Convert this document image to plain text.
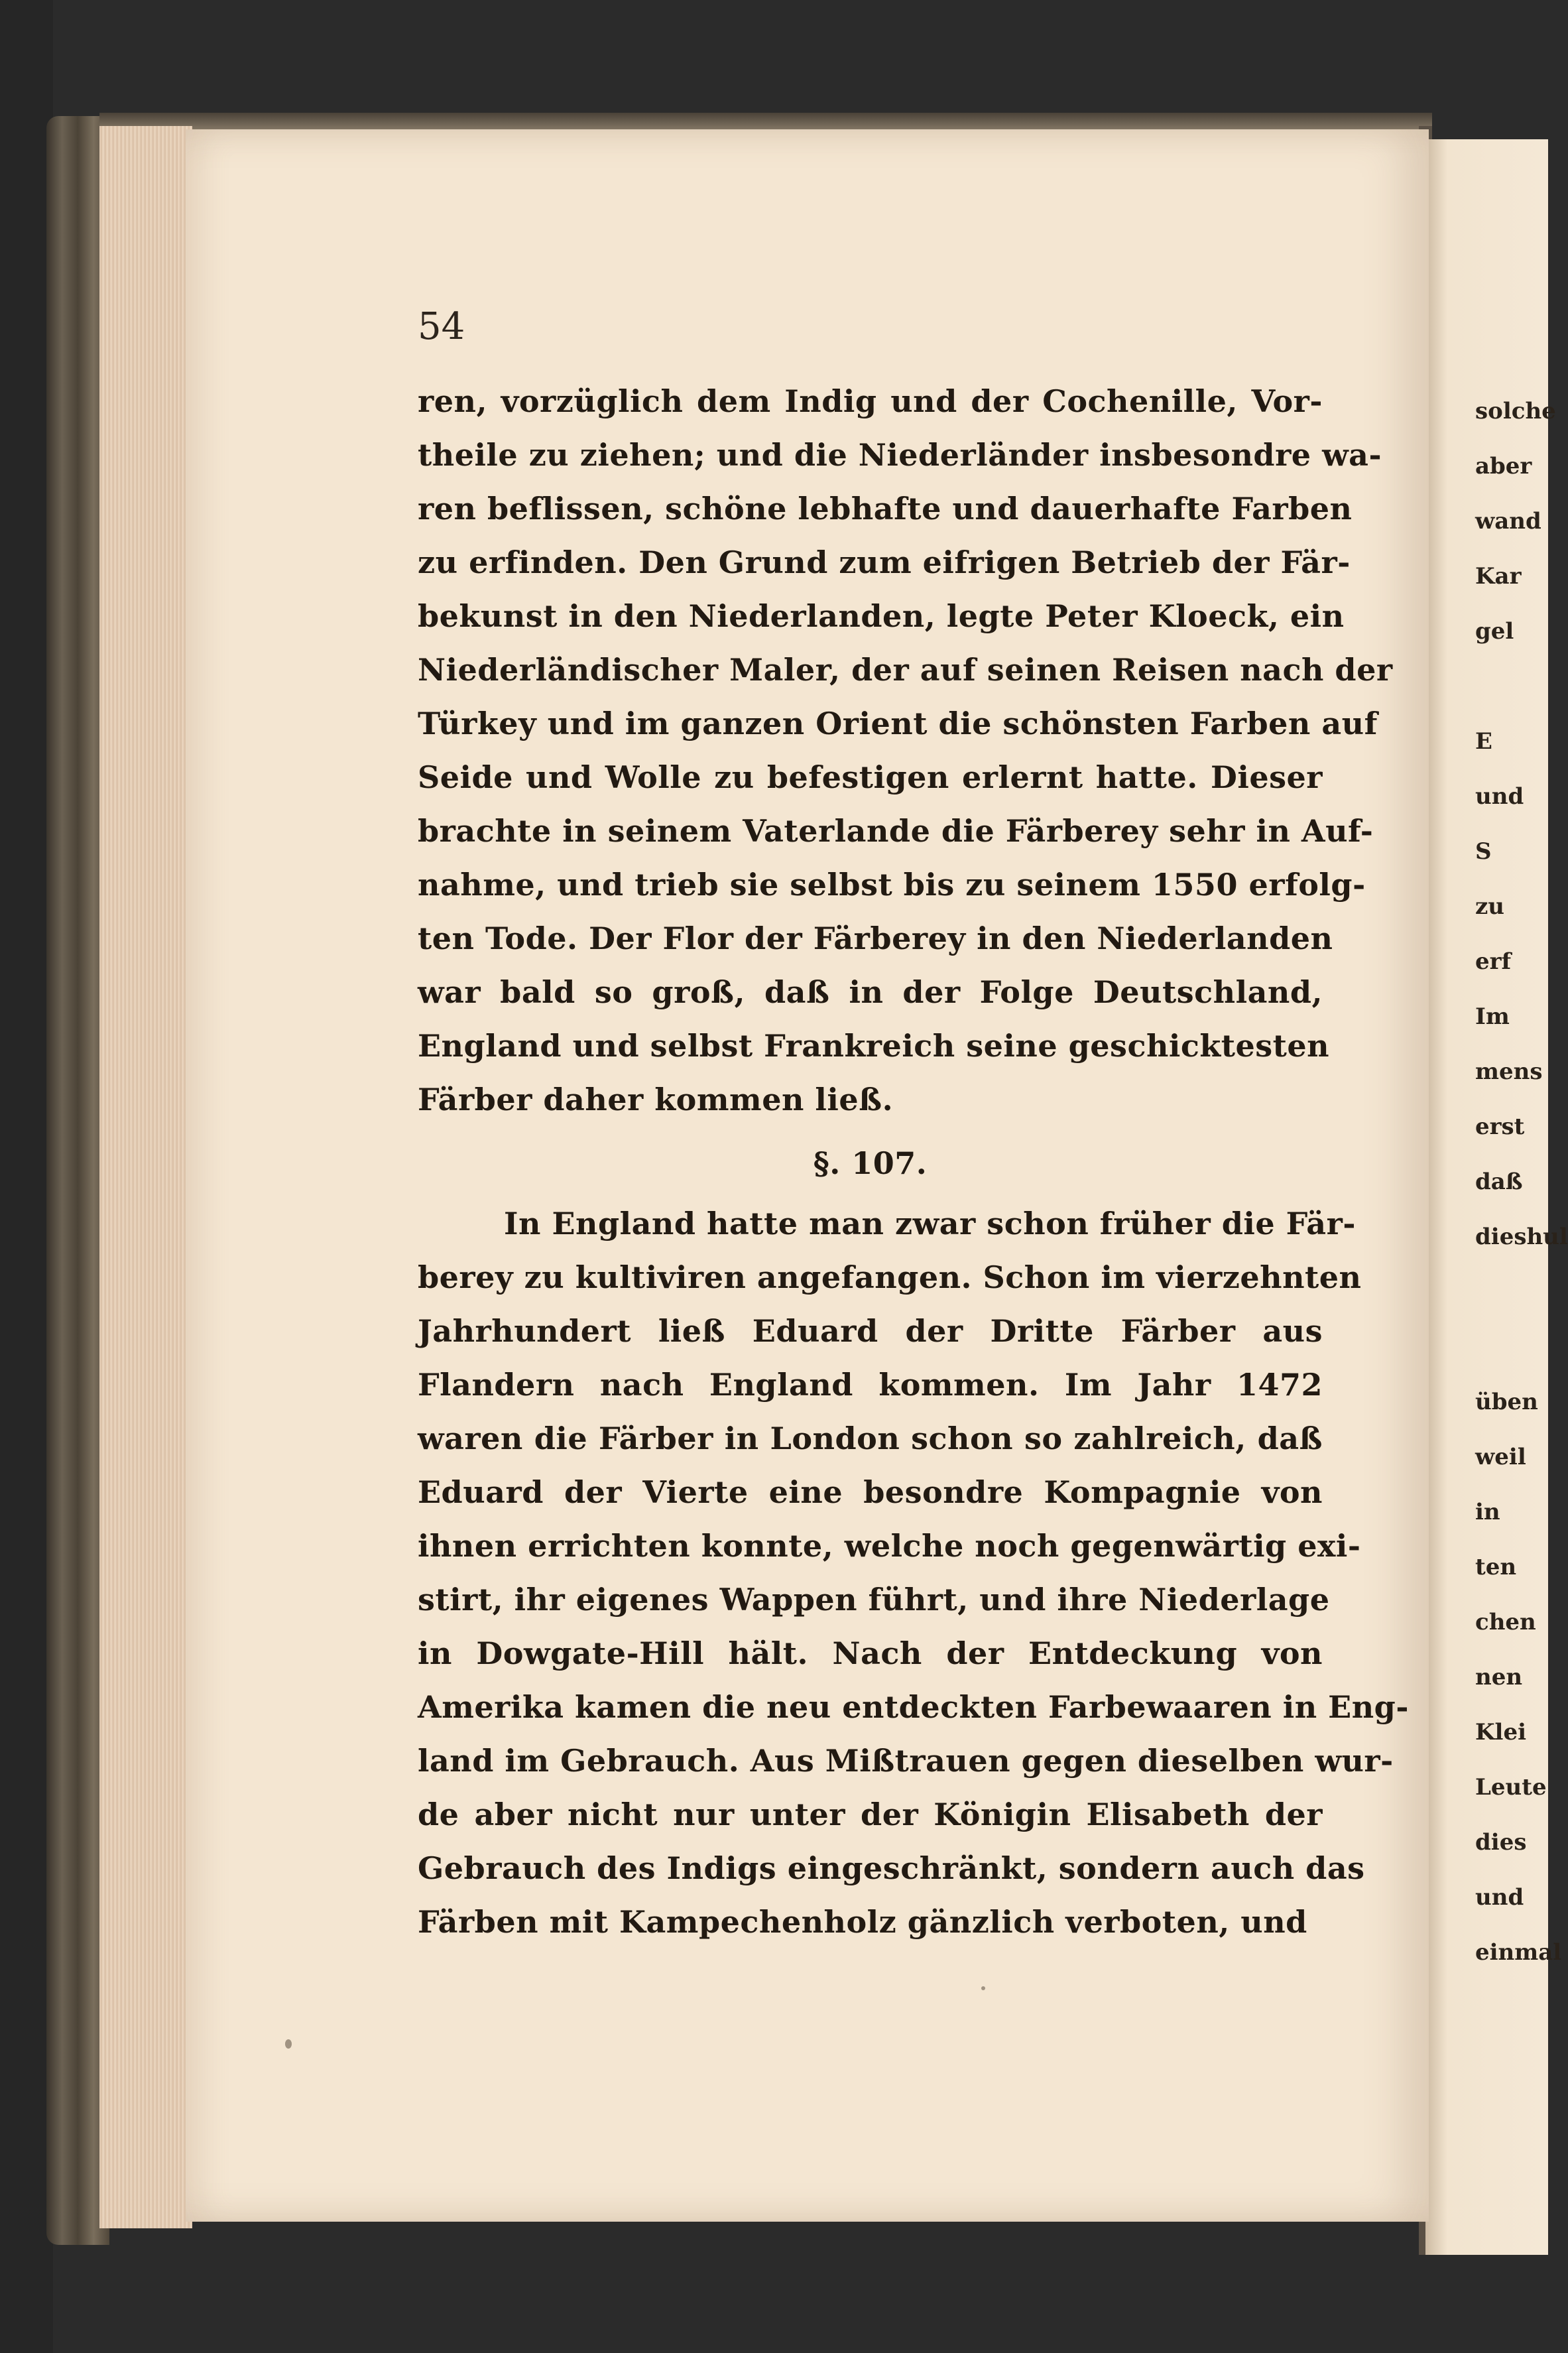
solche
aber
wand
Kar
gel
E
und
S
zu
erf
Im
mens
erst
daß
dieshul
üben
weil
in
ten
chen
nen
Klei
Leute
dies
und
einmal
54
ren, vorzüglich dem Indig und der Cochenille, Vor-
theile zu ziehen; und die Niederländer insbesondre wa-
ren beflissen, schöne lebhafte und dauerhafte Farben
zu erfinden. Den Grund zum eifrigen Betrieb der Fär-
bekunst in den Niederlanden, legte Peter Kloeck, ein
Niederländischer Maler, der auf seinen Reisen nach der
Türkey und im ganzen Orient die schönsten Farben auf
Seide und Wolle zu befestigen erlernt hatte. Dieser
brachte in seinem Vaterlande die Färberey sehr in Auf-
nahme, und trieb sie selbst bis zu seinem 1550 erfolg-
ten Tode. Der Flor der Färberey in den Niederlanden
war bald so groß, daß in der Folge Deutschland,
England und selbst Frankreich seine geschicktesten
Färber daher kommen ließ.
§. 107.
In England hatte man zwar schon früher die Fär-
berey zu kultiviren angefangen. Schon im vierzehnten
Jahrhundert ließ Eduard der Dritte Färber aus
Flandern nach England kommen. Im Jahr 1472
waren die Färber in London schon so zahlreich, daß
Eduard der Vierte eine besondre Kompagnie von
ihnen errichten konnte, welche noch gegenwärtig exi-
stirt, ihr eigenes Wappen führt, und ihre Niederlage
in Dowgate-Hill hält. Nach der Entdeckung von
Amerika kamen die neu entdeckten Farbewaaren in Eng-
land im Gebrauch. Aus Mißtrauen gegen dieselben wur-
de aber nicht nur unter der Königin Elisabeth der
Gebrauch des Indigs eingeschränkt, sondern auch das
Färben mit Kampechenholz gänzlich verboten, und
